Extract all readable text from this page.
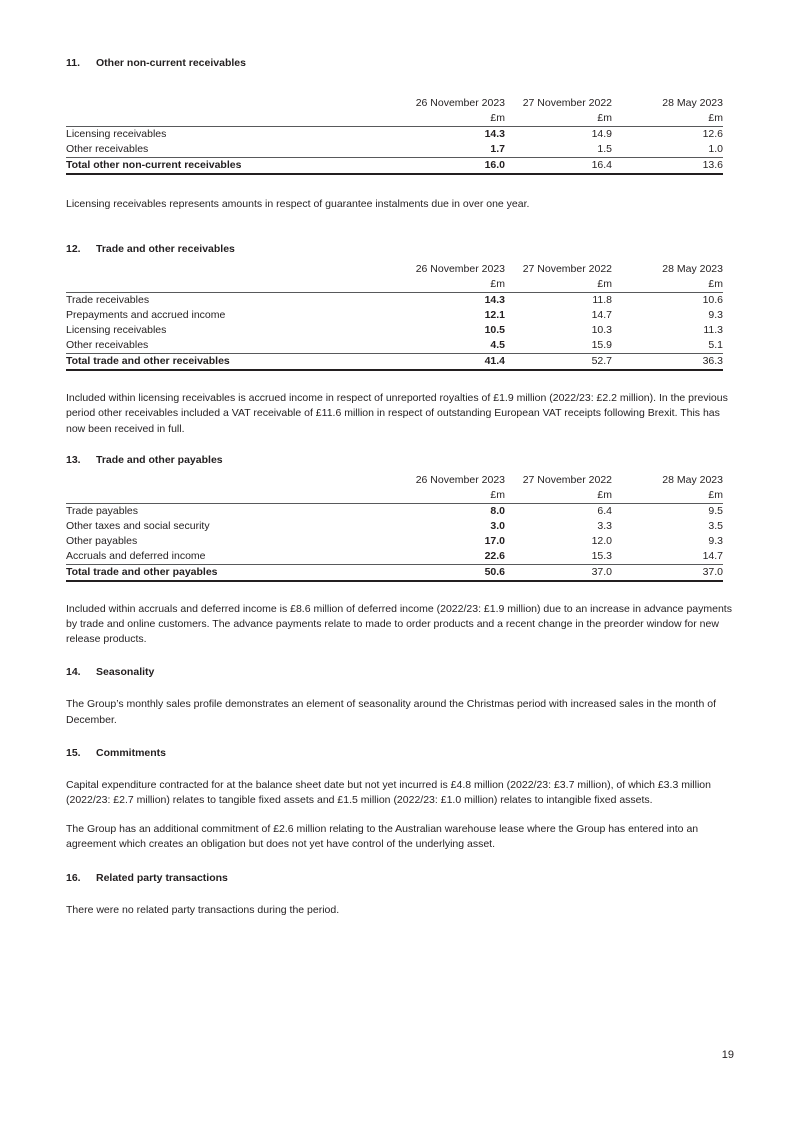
11.	Other non-current receivables
	26 November 2023	27 November 2022	28 May 2023
	£m	£m	£m
Licensing receivables	14.3	14.9	12.6
Other receivables	1.7	1.5	1.0
Total other non-current receivables	16.0	16.4	13.6

Licensing receivables represents amounts in respect of guarantee instalments due in over one year.

12.	Trade and other receivables
	26 November 2023	27 November 2022	28 May 2023
	£m	£m	£m
Trade receivables	14.3	11.8	10.6
Prepayments and accrued income	12.1	14.7	9.3
Licensing receivables	10.5	10.3	11.3
Other receivables	4.5	15.9	5.1
Total trade and other receivables	41.4	52.7	36.3

Included within licensing receivables is accrued income in respect of unreported royalties of £1.9 million (2022/23: £2.2 million). In the previous period other receivables included a VAT receivable of £11.6 million in respect of outstanding European VAT receipts following Brexit. This has now been received in full.

13.	Trade and other payables
	26 November 2023	27 November 2022	28 May 2023
	£m	£m	£m
Trade payables	8.0	6.4	9.5
Other taxes and social security	3.0	3.3	3.5
Other payables	17.0	12.0	9.3
Accruals and deferred income	22.6	15.3	14.7
Total trade and other payables	50.6	37.0	37.0

Included within accruals and deferred income is £8.6 million of deferred income (2022/23: £1.9 million) due to an increase in advance payments by trade and online customers. The advance payments relate to made to order products and a recent change in the preorder window for new release products.

14.	Seasonality

The Group’s monthly sales profile demonstrates an element of seasonality around the Christmas period with increased sales in the month of December.

15.	Commitments

Capital expenditure contracted for at the balance sheet date but not yet incurred is £4.8 million (2022/23: £3.7 million), of which £3.3 million (2022/23: £2.7 million) relates to tangible fixed assets and £1.5 million (2022/23: £1.0 million) relates to intangible fixed assets.

The Group has an additional commitment of £2.6 million relating to the Australian warehouse lease where the Group has entered into an agreement which creates an obligation but does not yet have control of the underlying asset.

16.	Related party transactions

There were no related party transactions during the period.

19
